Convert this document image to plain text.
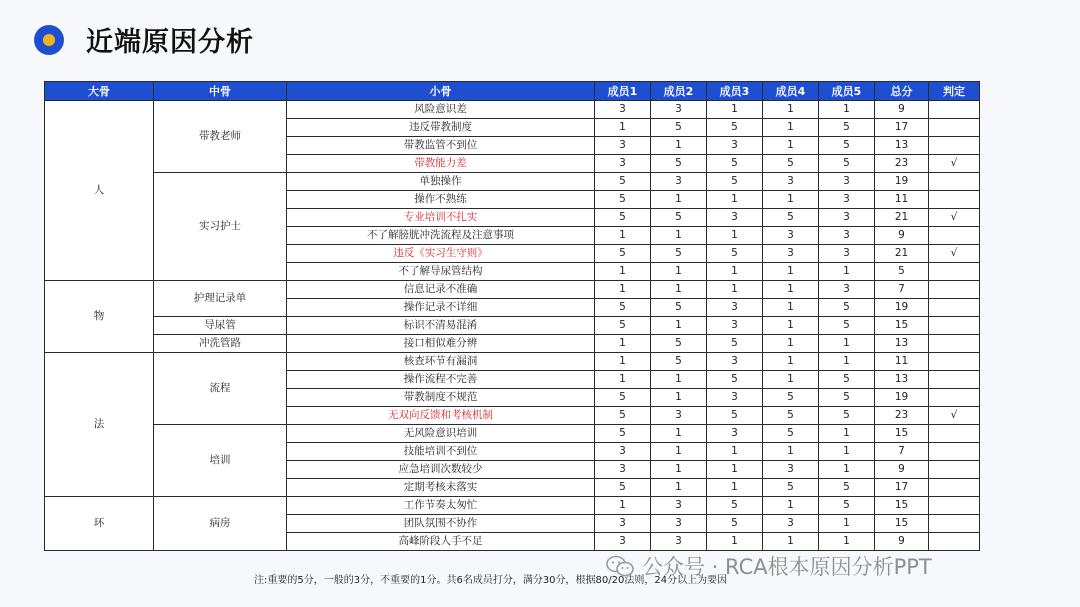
近端原因分析
大骨	中骨	小骨	成员1	成员2	成员3	成员4	成员5	总分	判定
人	带教老师	风险意识差	3	3	1	1	1	9	
		违反带教制度	1	5	5	1	5	17	
		带教监管不到位	3	1	3	1	5	13	
		带教能力差	3	5	5	5	5	23	√
	实习护士	单独操作	5	3	5	3	3	19	
		操作不熟练	5	1	1	1	3	11	
		专业培训不扎实	5	5	3	5	3	21	√
		不了解膀胱冲洗流程及注意事项	1	1	1	3	3	9	
		违反《实习生守则》	5	5	5	3	3	21	√
		不了解导尿管结构	1	1	1	1	1	5	
物	护理记录单	信息记录不准确	1	1	1	1	3	7	
		操作记录不详细	5	5	3	1	5	19	
	导尿管	标识不清易混淆	5	1	3	1	5	15	
	冲洗管路	接口相似难分辨	1	5	5	1	1	13	
法	流程	核查环节有漏洞	1	5	3	1	1	11	
		操作流程不完善	1	1	5	1	5	13	
		带教制度不规范	5	1	3	5	5	19	
		无双向反馈和考核机制	5	3	5	5	5	23	√
	培训	无风险意识培训	5	1	3	5	1	15	
		技能培训不到位	3	1	1	1	1	7	
		应急培训次数较少	3	1	1	3	1	9	
		定期考核未落实	5	1	1	5	5	17	
环	病房	工作节奏太匆忙	1	3	5	1	5	15	
		团队氛围不协作	3	3	5	3	1	15	
		高峰阶段人手不足	3	3	1	1	1	9	
注:重要的5分，一般的3分，不重要的1分。共6名成员打分，满分30分，根据80/20法则，24分以上为要因
公众号 · RCA根本原因分析PPT
